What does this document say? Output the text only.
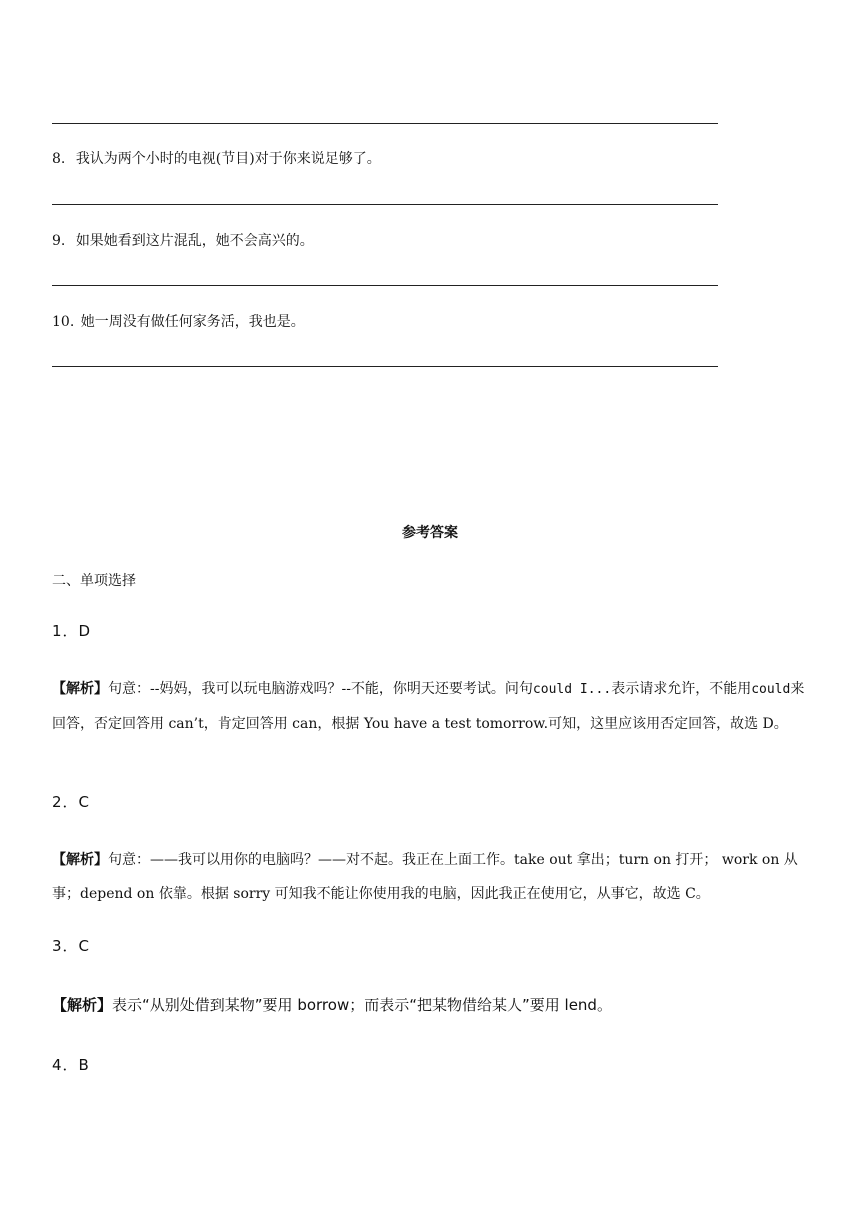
8. 我认为两个小时的电视(节目)对于你来说足够了。
9. 如果她看到这片混乱，她不会高兴的。
10. 她一周没有做任何家务活，我也是。
参考答案
二、单项选择
1．D
【解析】句意：--妈妈，我可以玩电脑游戏吗？--不能，你明天还要考试。问句could I...表示请求允许，不能用could来回答，否定回答用 can’t，肯定回答用 can，根据 You have a test tomorrow.可知，这里应该用否定回答，故选 D。
2．C
【解析】句意：——我可以用你的电脑吗？——对不起。我正在上面工作。take out 拿出；turn on 打开； work on 从事；depend on 依靠。根据 sorry 可知我不能让你使用我的电脑，因此我正在使用它，从事它，故选 C。
3．C
【解析】表示“从别处借到某物”要用 borrow；而表示“把某物借给某人”要用 lend。
4．B
